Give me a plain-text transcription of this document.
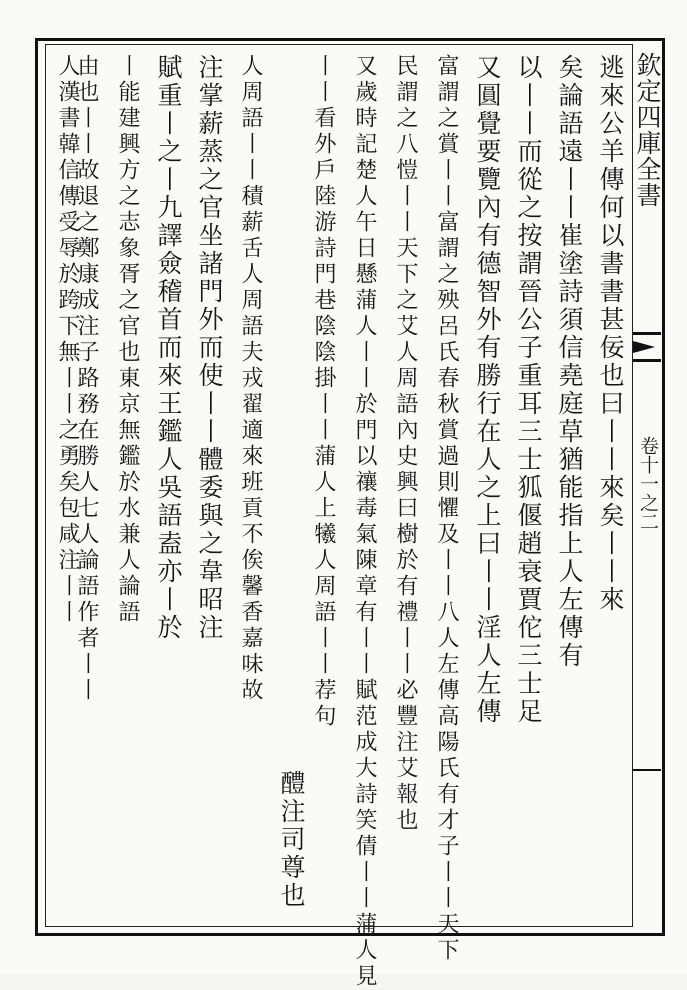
欽定四庫全書
卷十一之二
逃來公羊傳何以書書甚佞也曰丨丨來矣丨丨來
矣論語遠丨丨崔塗詩須信堯庭草猶能指上人左傳有
以丨丨而從之按謂晉公子重耳三士狐偃趙衰賈佗三士足
又圓覺要覽內有德智外有勝行在人之上曰丨丨淫人左傳
富謂之賞丨丨富謂之殃呂氏春秋賞過則懼及丨丨八人左傳高陽氏有才子丨丨天下
民謂之八愷丨丨天下之艾人周語內史興曰樹於有禮丨丨必豐注艾報也
又歲時記楚人午日懸蒲人丨丨於門以禳毒氣陳章有丨丨賦范成大詩笑倩丨丨蒲人見
丨丨看外戶陸游詩門巷陰陰掛丨丨蒲人上犧人周語丨丨荐句
醴注司尊也
人周語丨丨積薪舌人周語夫戎翟適來班貢不俟馨香嘉味故
注掌薪蒸之官坐諸門外而使丨丨體委與之韋昭注
賦重丨之丨九譯僉稽首而來王鑑人吳語盍亦丨於
丨能建興方之志象胥之官也東京無鑑於水兼人論語
由也丨丨故退之鄭康成注子路務在勝人七人論語作者丨丨
人漢書韓信傳受辱於跨下無丨丨之勇矣包咸注丨丨
